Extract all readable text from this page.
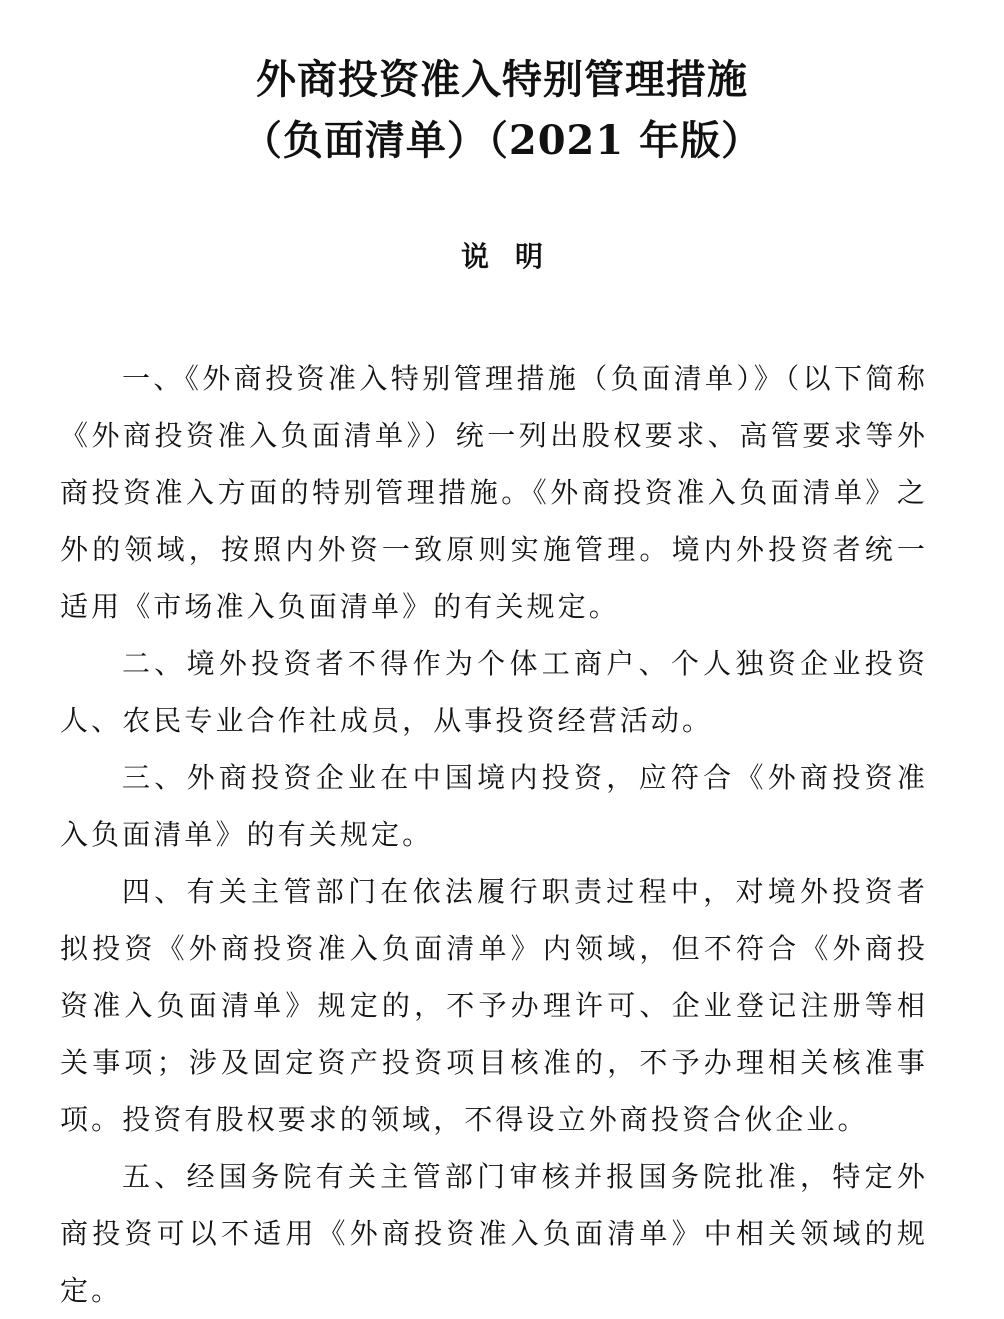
外商投资准入特别管理措施
（负面清单）（2021 年版）
说明

一、《外商投资准入特别管理措施（负面清单）》（以下简称《外商投资准入负面清单》）统一列出股权要求、高管要求等外商投资准入方面的特别管理措施。《外商投资准入负面清单》之外的领域，按照内外资一致原则实施管理。境内外投资者统一适用《市场准入负面清单》的有关规定。

二、境外投资者不得作为个体工商户、个人独资企业投资人、农民专业合作社成员，从事投资经营活动。

三、外商投资企业在中国境内投资，应符合《外商投资准入负面清单》的有关规定。

四、有关主管部门在依法履行职责过程中，对境外投资者拟投资《外商投资准入负面清单》内领域，但不符合《外商投资准入负面清单》规定的，不予办理许可、企业登记注册等相关事项；涉及固定资产投资项目核准的，不予办理相关核准事项。投资有股权要求的领域，不得设立外商投资合伙企业。

五、经国务院有关主管部门审核并报国务院批准，特定外商投资可以不适用《外商投资准入负面清单》中相关领域的规定。
